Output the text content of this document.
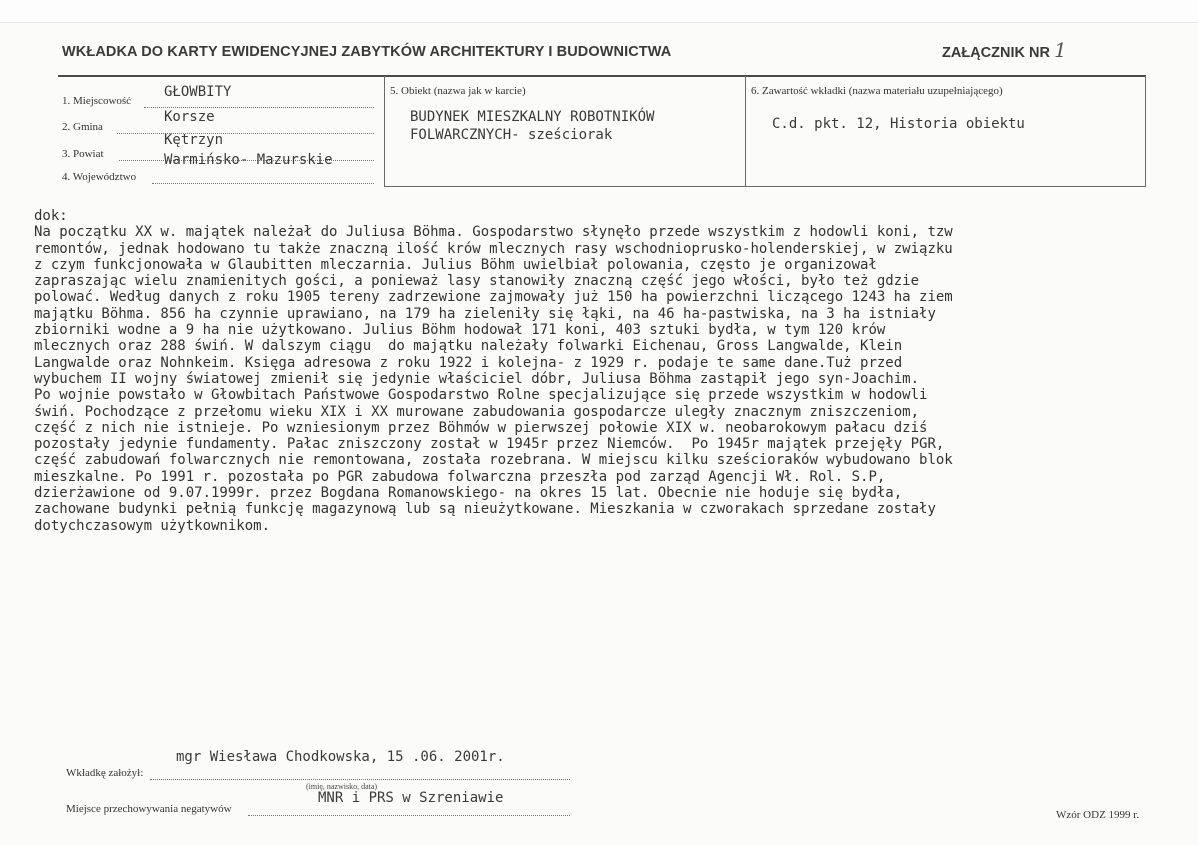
WKŁADKA DO KARTY EWIDENCYJNEJ ZABYTKÓW ARCHITEKTURY I BUDOWNICTWA	ZAŁĄCZNIK NR 1
1. Miejscowość
GŁOWBITY
2. Gmina
Korsze
3. Powiat
Kętrzyn
4. Województwo
Warmińsko- Mazurskie
5. Obiekt (nazwa jak w karcie)
BUDYNEK MIESZKALNY ROBOTNIKÓW
FOLWARCZNYCH- sześciorak
6. Zawartość wkładki (nazwa materiału uzupełniającego)
C.d. pkt. 12, Historia obiektu
dok:
Na początku XX w. majątek należał do Juliusa Böhma. Gospodarstwo słynęło przede wszystkim z hodowli koni, tzw
remontów, jednak hodowano tu także znaczną ilość krów mlecznych rasy wschodnioprusko-holenderskiej, w związku
z czym funkcjonowała w Glaubitten mleczarnia. Julius Böhm uwielbiał polowania, często je organizował
zapraszając wielu znamienitych gości, a ponieważ lasy stanowiły znaczną część jego włości, było też gdzie
polować. Według danych z roku 1905 tereny zadrzewione zajmowały już 150 ha powierzchni liczącego 1243 ha ziem
majątku Böhma. 856 ha czynnie uprawiano, na 179 ha zieleniły się łąki, na 46 ha-pastwiska, na 3 ha istniały
zbiorniki wodne a 9 ha nie użytkowano. Julius Böhm hodował 171 koni, 403 sztuki bydła, w tym 120 krów
mlecznych oraz 288 świń. W dalszym ciągu  do majątku należały folwarki Eichenau, Gross Langwalde, Klein
Langwalde oraz Nohnkeim. Księga adresowa z roku 1922 i kolejna- z 1929 r. podaje te same dane.Tuż przed
wybuchem II wojny światowej zmienił się jedynie właściciel dóbr, Juliusa Böhma zastąpił jego syn-Joachim.
Po wojnie powstało w Głowbitach Państwowe Gospodarstwo Rolne specjalizujące się przede wszystkim w hodowli
świń. Pochodzące z przełomu wieku XIX i XX murowane zabudowania gospodarcze uległy znacznym zniszczeniom,
część z nich nie istnieje. Po wzniesionym przez Böhmów w pierwszej połowie XIX w. neobarokowym pałacu dziś
pozostały jedynie fundamenty. Pałac zniszczony został w 1945r przez Niemców.  Po 1945r majątek przejęły PGR,
część zabudowań folwarcznych nie remontowana, została rozebrana. W miejscu kilku sześcioraków wybudowano blok
mieszkalne. Po 1991 r. pozostała po PGR zabudowa folwarczna przeszła pod zarząd Agencji Wł. Rol. S.P,
dzierżawione od 9.07.1999r. przez Bogdana Romanowskiego- na okres 15 lat. Obecnie nie hoduje się bydła,
zachowane budynki pełnią funkcję magazynową lub są nieużytkowane. Mieszkania w czworakach sprzedane zostały
dotychczasowym użytkownikom.
mgr Wiesława Chodkowska, 15 .06. 2001r.
Wkładkę założył:
(imię, nazwisko, data)
MNR i PRS w Szreniawie
Miejsce przechowywania negatywów	Wzór ODZ 1999 r.
